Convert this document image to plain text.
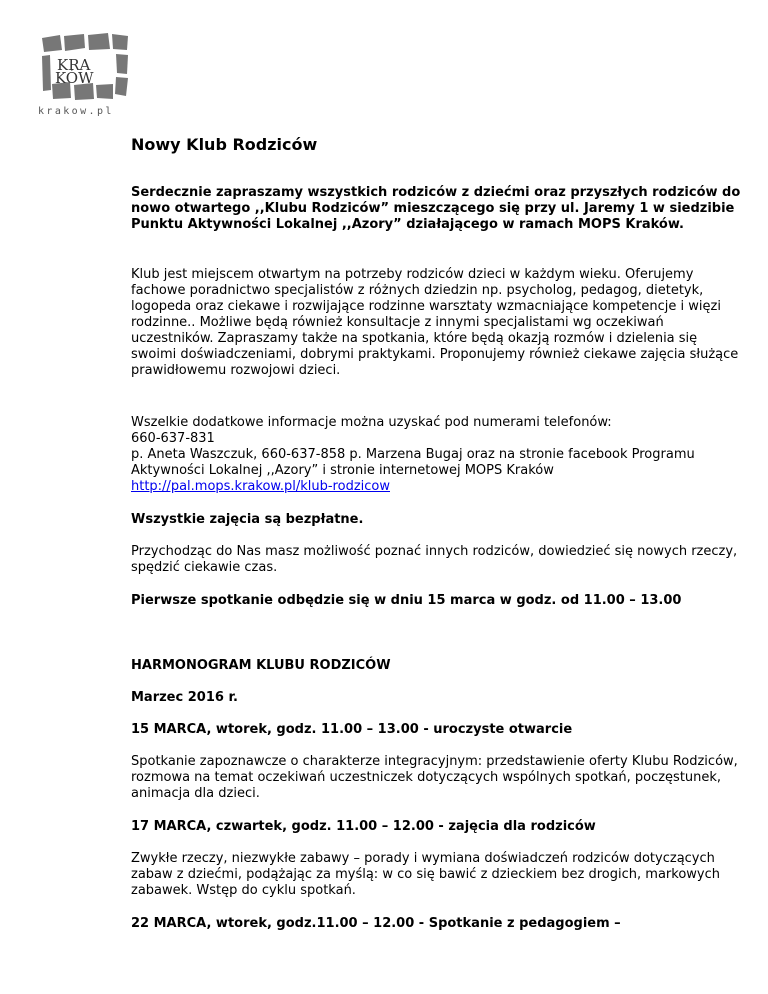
KRA
KÓW
krakow.pl
Nowy Klub Rodziców

Serdecznie zapraszamy wszystkich rodziców z dziećmi oraz przyszłych rodziców do nowo otwartego ,,Klubu Rodziców” mieszczącego się przy ul. Jaremy 1 w siedzibie Punktu Aktywności Lokalnej ,,Azory” działającego w ramach MOPS Kraków.

Klub jest miejscem otwartym na potrzeby rodziców dzieci w każdym wieku. Oferujemy fachowe poradnictwo specjalistów z różnych dziedzin np. psycholog, pedagog, dietetyk, logopeda oraz ciekawe i rozwijające rodzinne warsztaty wzmacniające kompetencje i więzi rodzinne.. Możliwe będą również konsultacje z innymi specjalistami wg oczekiwań uczestników. Zapraszamy także na spotkania, które będą okazją rozmów i dzielenia się swoimi doświadczeniami, dobrymi praktykami. Proponujemy również ciekawe zajęcia służące prawidłowemu rozwojowi dzieci.

Wszelkie dodatkowe informacje można uzyskać pod numerami telefonów:
660-637-831
p. Aneta Waszczuk, 660-637-858 p. Marzena Bugaj oraz na stronie facebook Programu Aktywności Lokalnej ,,Azory” i stronie internetowej MOPS Kraków
http://pal.mops.krakow.pl/klub-rodzicow

Wszystkie zajęcia są bezpłatne.

Przychodząc do Nas masz możliwość poznać innych rodziców, dowiedzieć się nowych rzeczy, spędzić ciekawie czas.

Pierwsze spotkanie odbędzie się w dniu 15 marca w godz. od 11.00 – 13.00

HARMONOGRAM KLUBU RODZICÓW

Marzec 2016 r.

15 MARCA, wtorek, godz. 11.00 – 13.00 - uroczyste otwarcie

Spotkanie zapoznawcze o charakterze integracyjnym: przedstawienie oferty Klubu Rodziców, rozmowa na temat oczekiwań uczestniczek dotyczących wspólnych spotkań, poczęstunek, animacja dla dzieci.

17 MARCA, czwartek, godz. 11.00 – 12.00 - zajęcia dla rodziców

Zwykłe rzeczy, niezwykłe zabawy – porady i wymiana doświadczeń rodziców dotyczących zabaw z dziećmi, podążając za myślą: w co się bawić z dzieckiem bez drogich, markowych zabawek. Wstęp do cyklu spotkań.

22 MARCA, wtorek, godz.11.00 – 12.00 - Spotkanie z pedagogiem –
